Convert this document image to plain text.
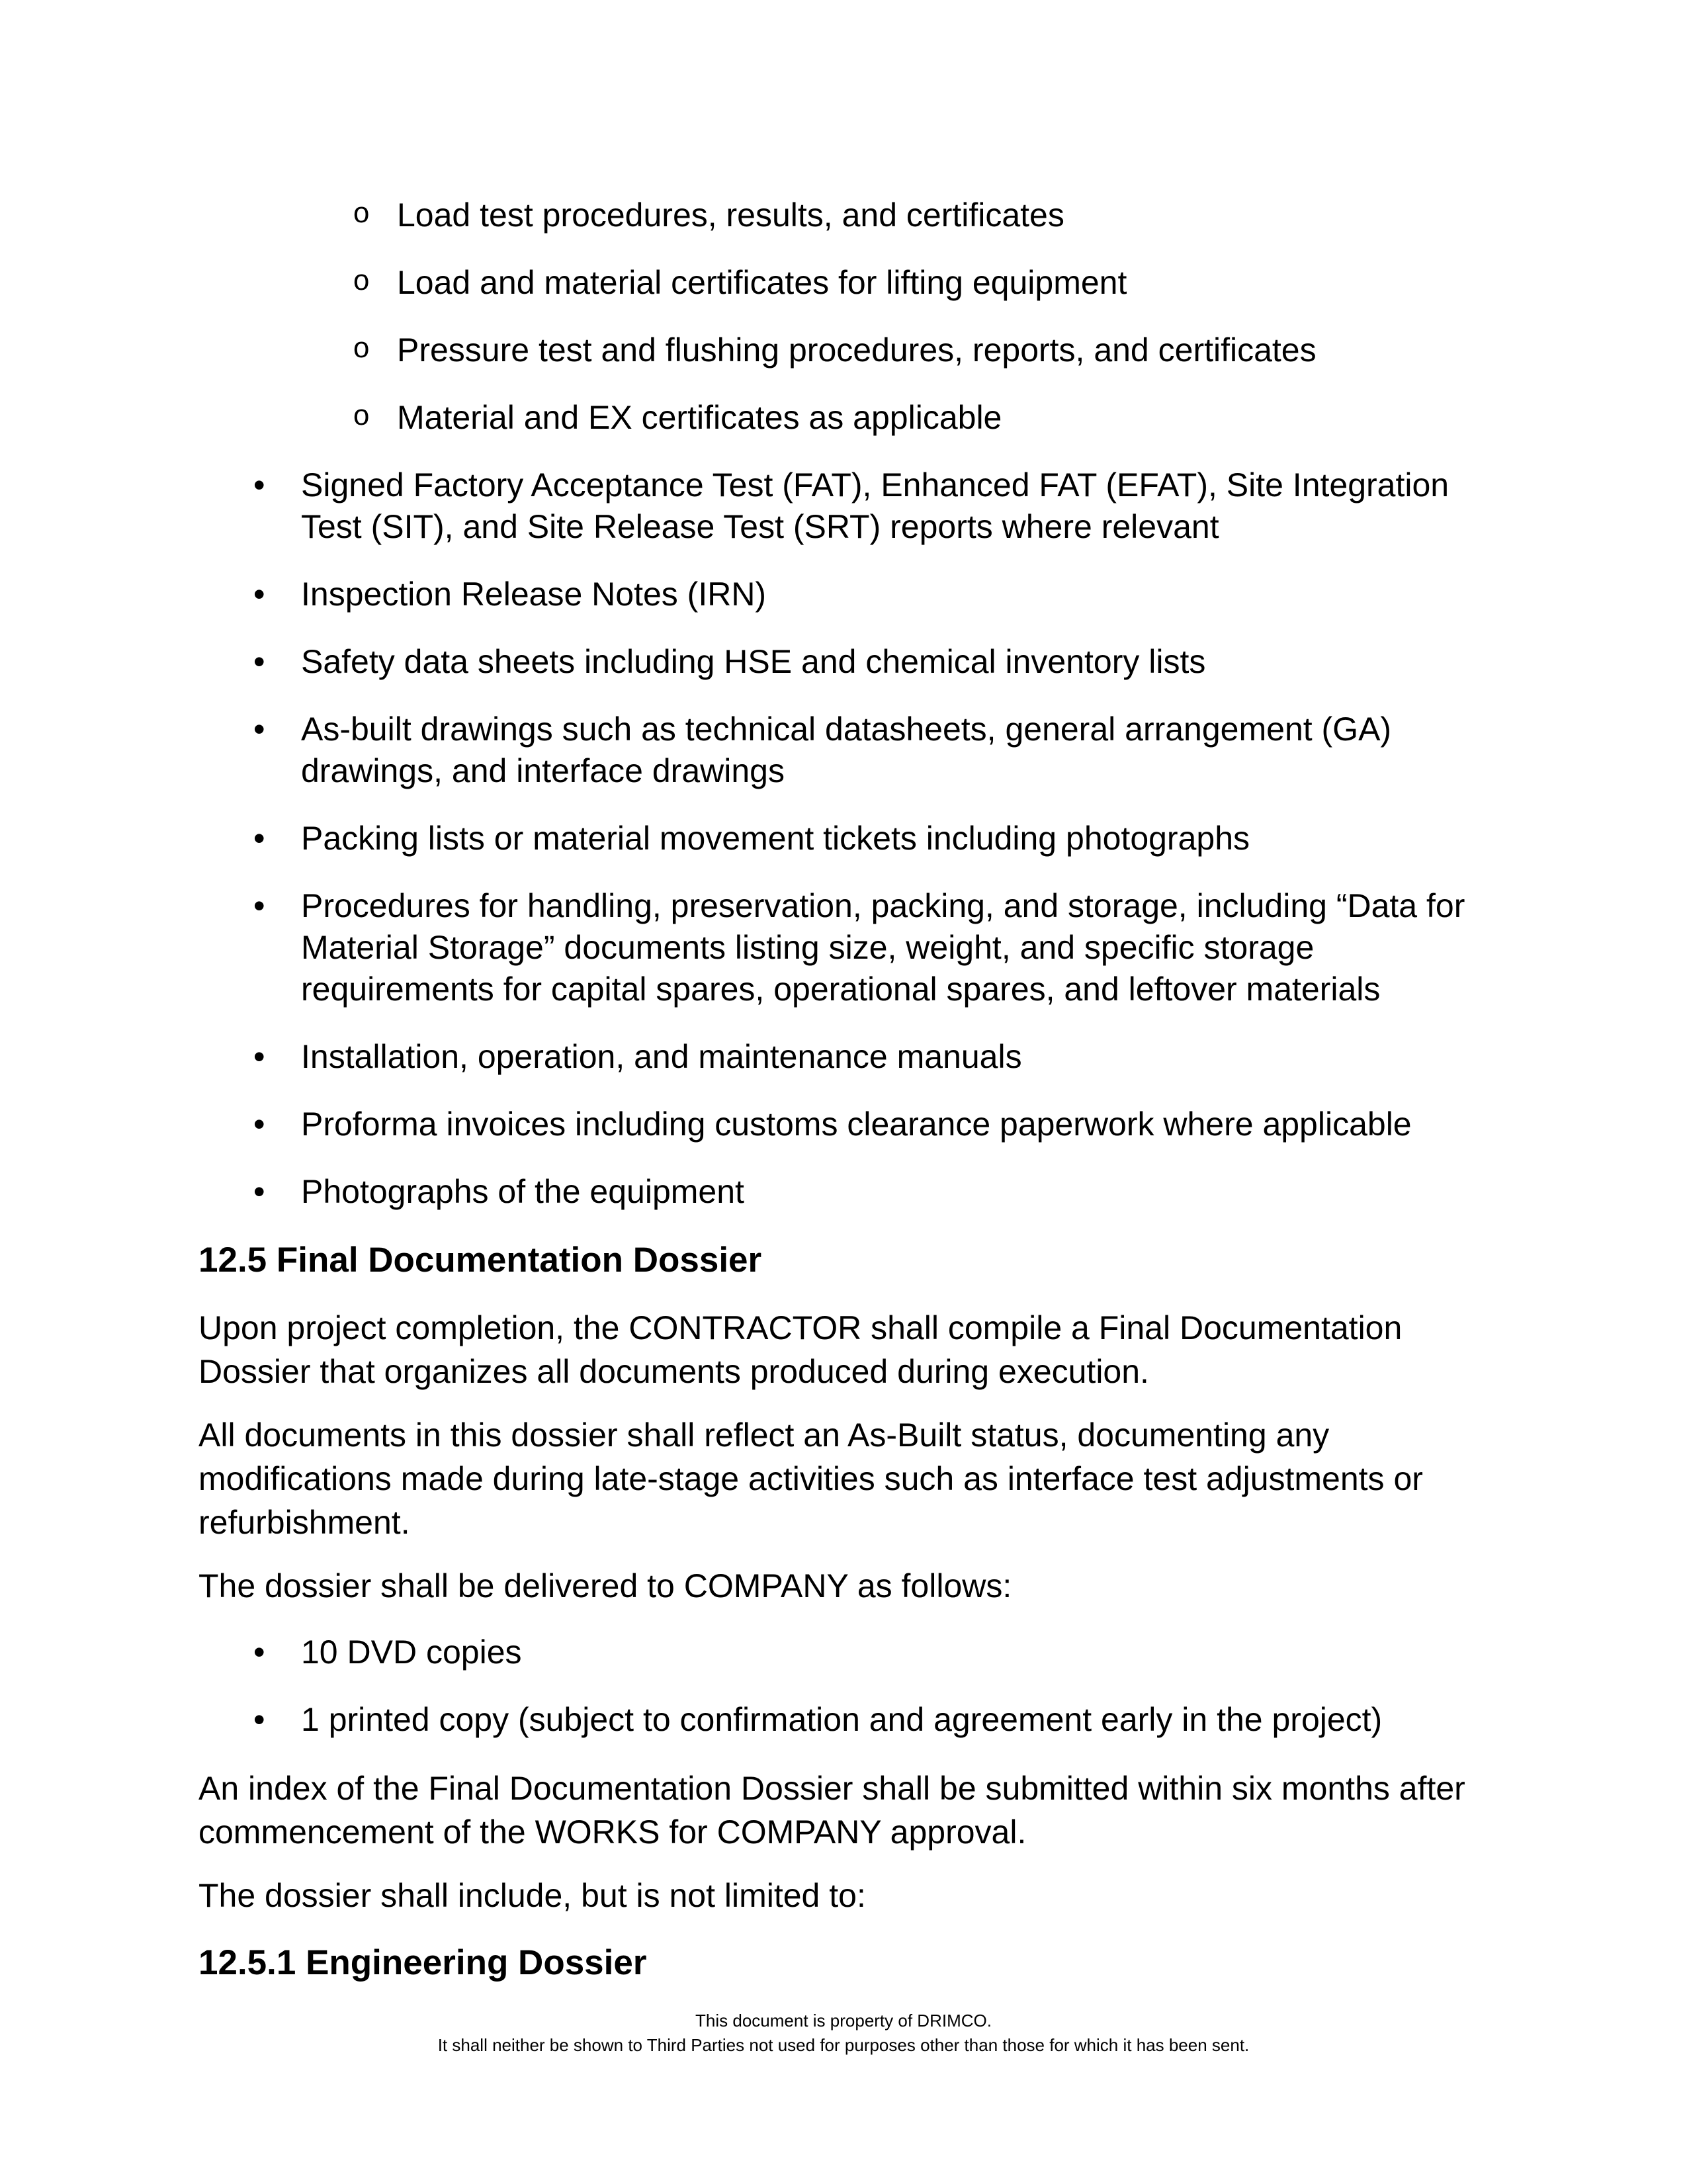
o Load test procedures, results, and certificates
o Load and material certificates for lifting equipment
o Pressure test and flushing procedures, reports, and certificates
o Material and EX certificates as applicable
• Signed Factory Acceptance Test (FAT), Enhanced FAT (EFAT), Site Integration
Test (SIT), and Site Release Test (SRT) reports where relevant
• Inspection Release Notes (IRN)
• Safety data sheets including HSE and chemical inventory lists
• As-built drawings such as technical datasheets, general arrangement (GA)
drawings, and interface drawings
• Packing lists or material movement tickets including photographs
• Procedures for handling, preservation, packing, and storage, including “Data for
Material Storage” documents listing size, weight, and specific storage
requirements for capital spares, operational spares, and leftover materials
• Installation, operation, and maintenance manuals
• Proforma invoices including customs clearance paperwork where applicable
• Photographs of the equipment
12.5 Final Documentation Dossier

Upon project completion, the CONTRACTOR shall compile a Final Documentation
Dossier that organizes all documents produced during execution.

All documents in this dossier shall reflect an As-Built status, documenting any
modifications made during late-stage activities such as interface test adjustments or
refurbishment.

The dossier shall be delivered to COMPANY as follows:

• 10 DVD copies
• 1 printed copy (subject to confirmation and agreement early in the project)

An index of the Final Documentation Dossier shall be submitted within six months after
commencement of the WORKS for COMPANY approval.

The dossier shall include, but is not limited to:

12.5.1 Engineering Dossier
This document is property of DRIMCO.
It shall neither be shown to Third Parties not used for purposes other than those for which it has been sent.
